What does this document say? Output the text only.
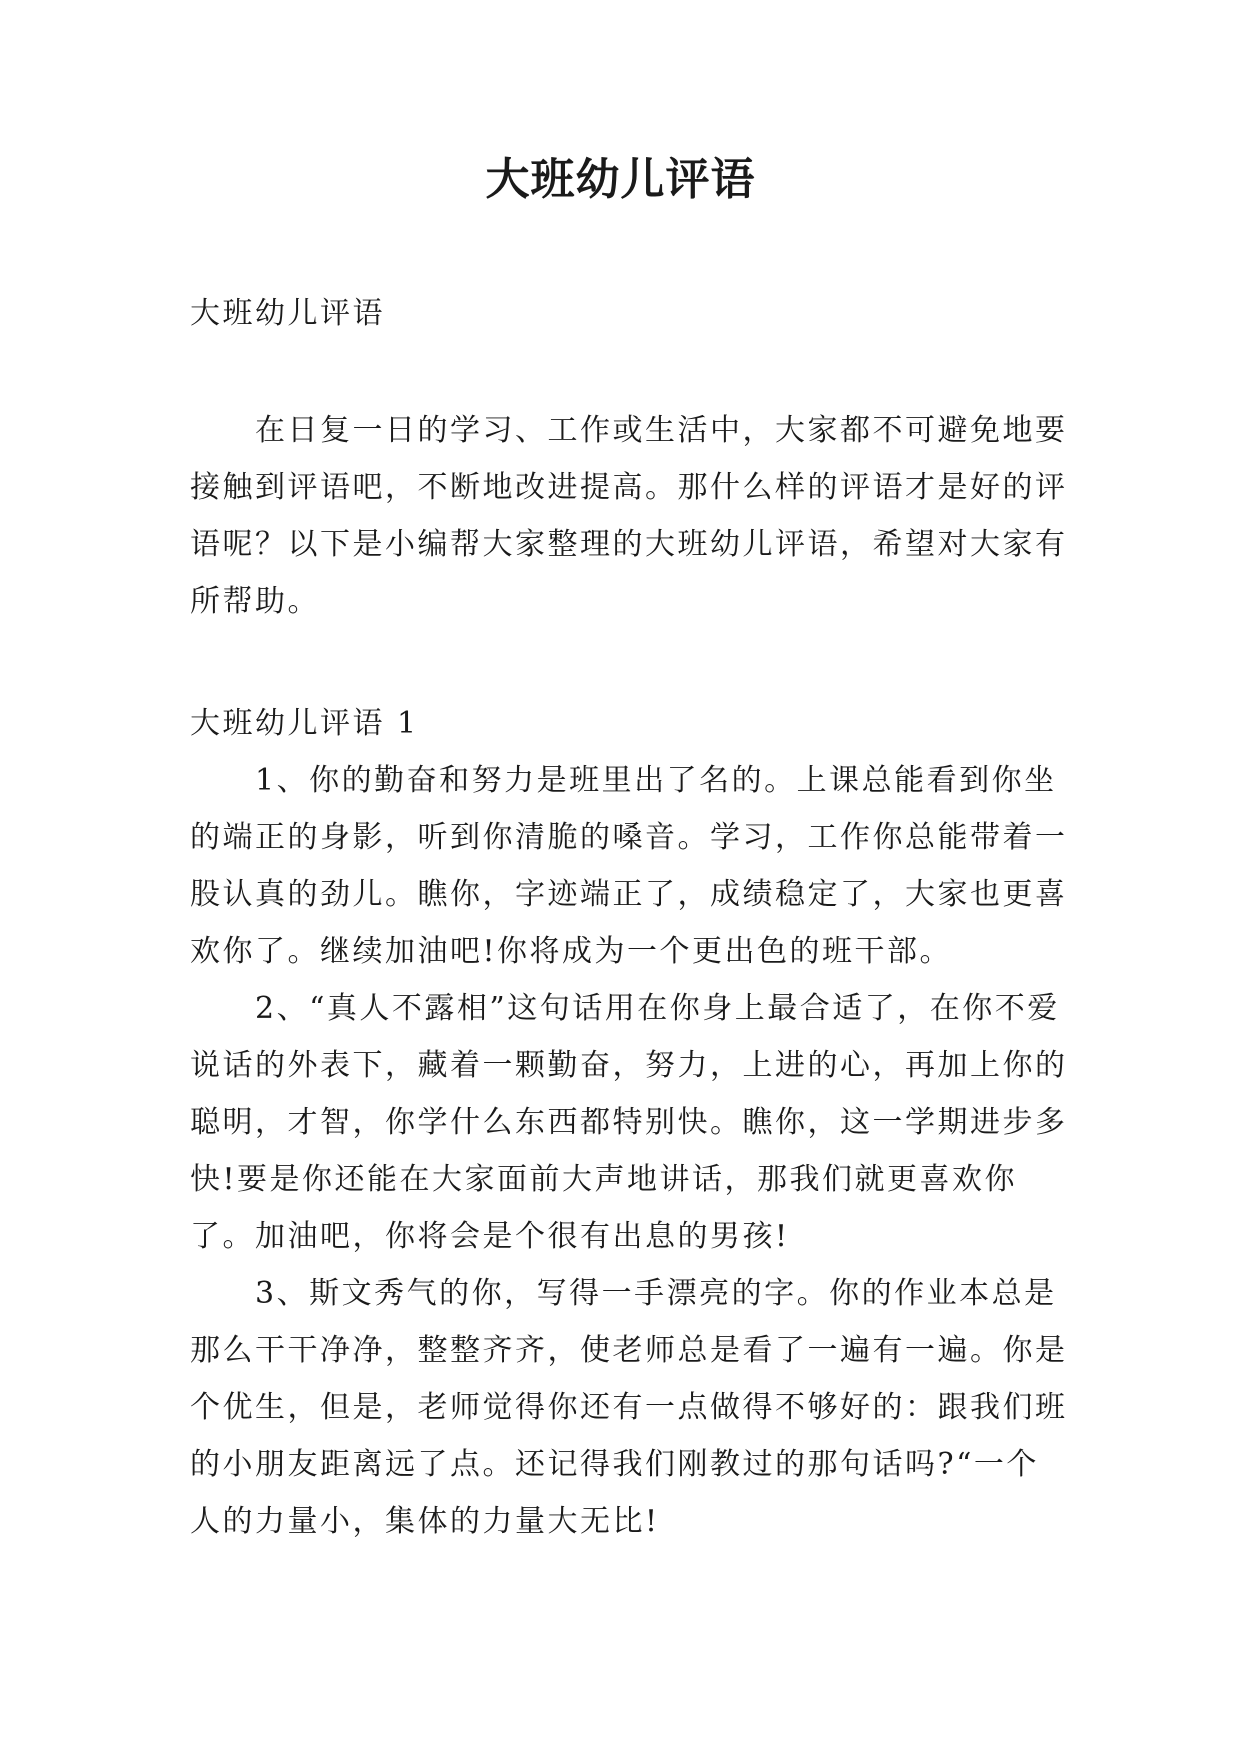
大班幼儿评语

大班幼儿评语

在日复一日的学习、工作或生活中，大家都不可避免地要接触到评语吧，不断地改进提高。那什么样的评语才是好的评语呢？以下是小编帮大家整理的大班幼儿评语，希望对大家有所帮助。

大班幼儿评语 1

1、你的勤奋和努力是班里出了名的。上课总能看到你坐的端正的身影，听到你清脆的嗓音。学习，工作你总能带着一股认真的劲儿。瞧你，字迹端正了，成绩稳定了，大家也更喜欢你了。继续加油吧!你将成为一个更出色的班干部。

2、“真人不露相”这句话用在你身上最合适了，在你不爱说话的外表下，藏着一颗勤奋，努力，上进的心，再加上你的聪明，才智，你学什么东西都特别快。瞧你，这一学期进步多快!要是你还能在大家面前大声地讲话，那我们就更喜欢你了。加油吧，你将会是个很有出息的男孩!

3、斯文秀气的你，写得一手漂亮的字。你的作业本总是那么干干净净，整整齐齐，使老师总是看了一遍有一遍。你是个优生，但是，老师觉得你还有一点做得不够好的：跟我们班的小朋友距离远了点。还记得我们刚教过的那句话吗?“一个人的力量小，集体的力量大无比!
